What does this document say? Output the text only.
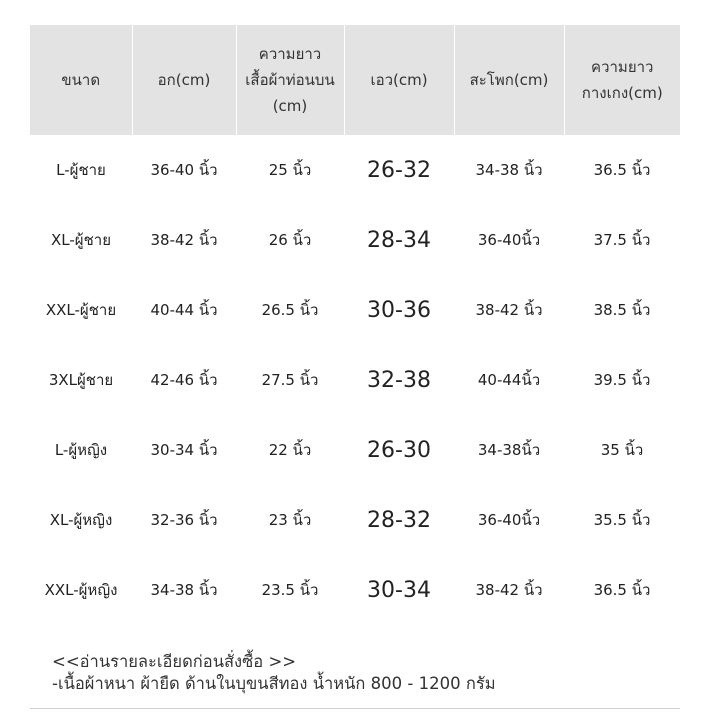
ขนาด	อก(cm)	ความยาวเสื้อผ้าท่อนบน (cm)	เอว(cm)	สะโพก(cm)	ความยาวกางเกง(cm)
L-ผู้ชาย	36-40 นิ้ว	25 นิ้ว	26-32	34-38 นิ้ว	36.5 นิ้ว
XL-ผู้ชาย	38-42 นิ้ว	26 นิ้ว	28-34	36-40นิ้ว	37.5 นิ้ว
XXL-ผู้ชาย	40-44 นิ้ว	26.5 นิ้ว	30-36	38-42 นิ้ว	38.5 นิ้ว
3XLผู้ชาย	42-46 นิ้ว	27.5 นิ้ว	32-38	40-44นิ้ว	39.5 นิ้ว
L-ผู้หญิง	30-34 นิ้ว	22 นิ้ว	26-30	34-38นิ้ว	35 นิ้ว
XL-ผู้หญิง	32-36 นิ้ว	23 นิ้ว	28-32	36-40นิ้ว	35.5 นิ้ว
XXL-ผู้หญิง	34-38 นิ้ว	23.5 นิ้ว	30-34	38-42 นิ้ว	36.5 นิ้ว
<<อ่านรายละเอียดก่อนสั่งซื้อ >>
-เนื้อผ้าหนา ผ้ายืด ด้านในบุขนสีทอง น้ำหนัก 800 - 1200 กรัม
